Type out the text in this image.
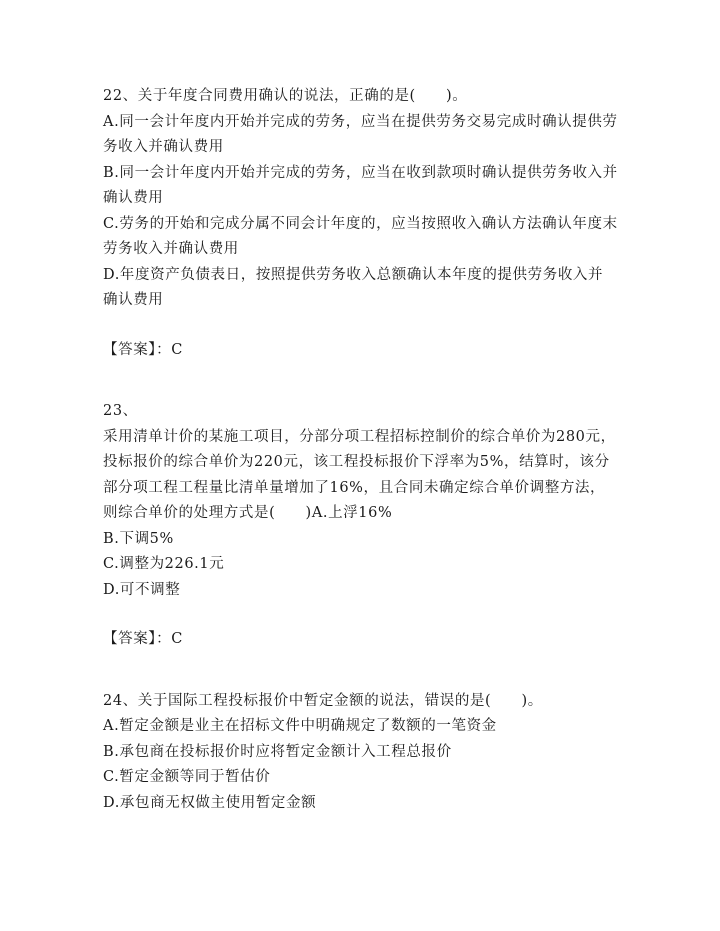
22、关于年度合同费用确认的说法，正确的是(　　)。

A.同一会计年度内开始并完成的劳务，应当在提供劳务交易完成时确认提供劳务收入并确认费用

B.同一会计年度内开始并完成的劳务，应当在收到款项时确认提供劳务收入并确认费用

C.劳务的开始和完成分属不同会计年度的，应当按照收入确认方法确认年度末劳务收入并确认费用

D.年度资产负债表日，按照提供劳务收入总额确认本年度的提供劳务收入并确认费用

【答案】：C

23、

采用清单计价的某施工项目，分部分项工程招标控制价的综合单价为280元，投标报价的综合单价为220元，该工程投标报价下浮率为5%，结算时，该分部分项工程工程量比清单量增加了16%，且合同未确定综合单价调整方法，则综合单价的处理方式是(　　)A.上浮16%

B.下调5%

C.调整为226.1元

D.可不调整

【答案】：C

24、关于国际工程投标报价中暂定金额的说法，错误的是(　　)。

A.暂定金额是业主在招标文件中明确规定了数额的一笔资金

B.承包商在投标报价时应将暂定金额计入工程总报价

C.暂定金额等同于暂估价

D.承包商无权做主使用暂定金额
